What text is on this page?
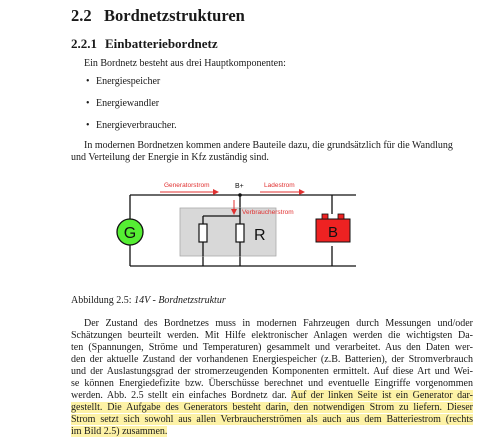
2.2 Bordnetzstrukturen
2.2.1 Einbatteriebordnetz
Ein Bordnetz besteht aus drei Hauptkomponenten:
• Energiespeicher
• Energiewandler
• Energieverbraucher.
In modernen Bordnetzen kommen andere Bauteile dazu, die grundsätzlich für die Wandlung
und Verteilung der Energie in Kfz zuständig sind.
R
G	B
B+
Generatorstrom	Ladestrom
Verbraucherstrom
Abbildung 2.5: 14V - Bordnetzstruktur
Der Zustand des Bordnetzes muss in modernen Fahrzeugen durch Messungen und/oder
Schätzungen beurteilt werden. Mit Hilfe elektronischer Anlagen werden die wichtigsten Da-
ten (Spannungen, Ströme und Temperaturen) gesammelt und verarbeitet. Aus den Daten wer-
den der aktuelle Zustand der vorhandenen Energiespeicher (z.B. Batterien), der Stromverbrauch
und der Auslastungsgrad der stromerzeugenden Komponenten ermittelt. Auf diese Art und Wei-
se können Energiedefizite bzw. Überschüsse berechnet und eventuelle Eingriffe vorgenommen
werden. Abb. 2.5 stellt ein einfaches Bordnetz dar. Auf der linken Seite ist ein Generator dar-
gestellt. Die Aufgabe des Generators besteht darin, den notwendigen Strom zu liefern. Dieser
Strom setzt sich sowohl aus allen Verbraucherströmen als auch aus dem Batteriestrom (rechts
im Bild 2.5) zusammen.
